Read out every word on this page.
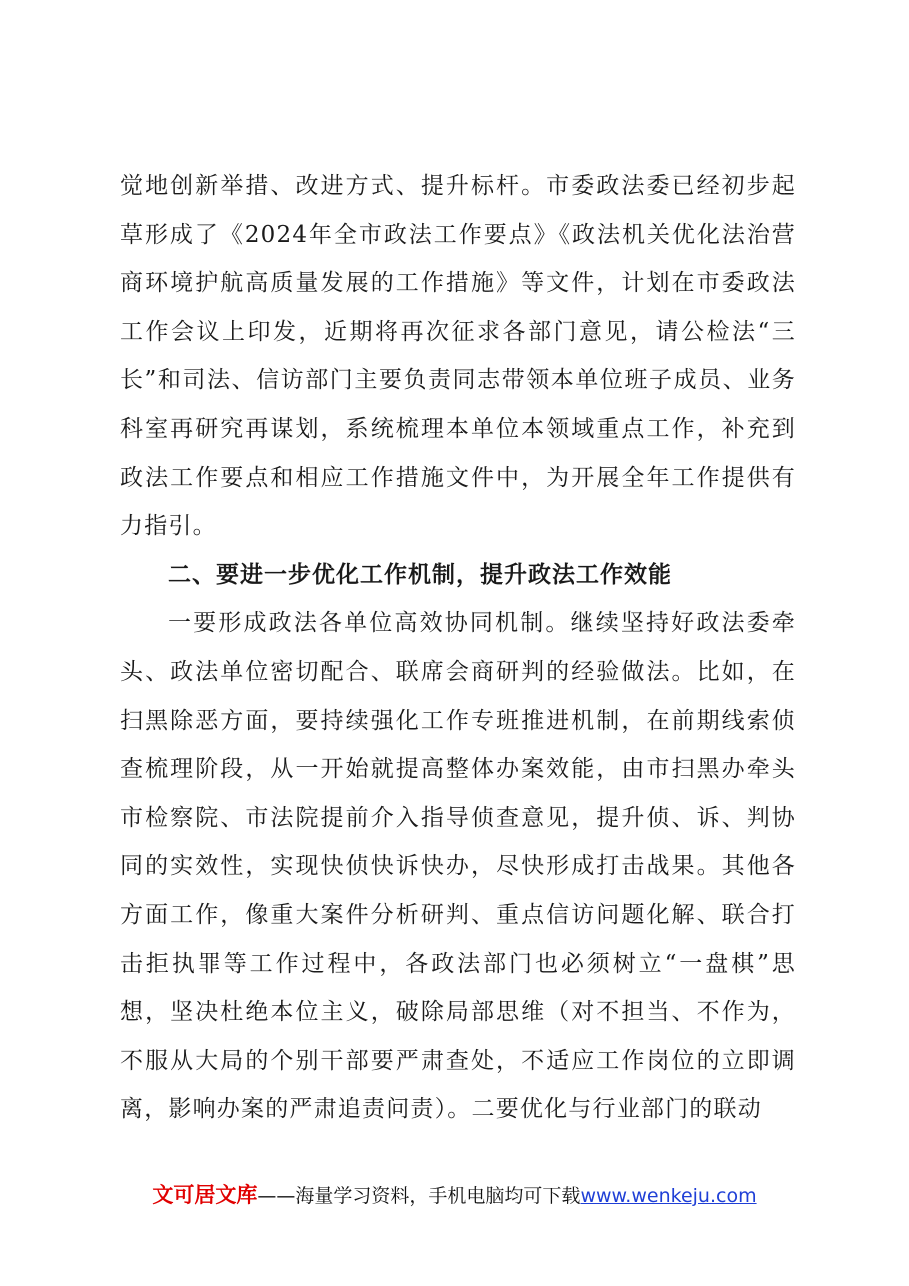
觉地创新举措、改进方式、提升标杆。市委政法委已经初步起草形成了《2024年全市政法工作要点》《政法机关优化法治营商环境护航高质量发展的工作措施》等文件，计划在市委政法工作会议上印发，近期将再次征求各部门意见，请公检法“三长”和司法、信访部门主要负责同志带领本单位班子成员、业务科室再研究再谋划，系统梳理本单位本领域重点工作，补充到政法工作要点和相应工作措施文件中，为开展全年工作提供有力指引。

二、要进一步优化工作机制，提升政法工作效能

一要形成政法各单位高效协同机制。继续坚持好政法委牵头、政法单位密切配合、联席会商研判的经验做法。比如，在扫黑除恶方面，要持续强化工作专班推进机制，在前期线索侦查梳理阶段，从一开始就提高整体办案效能，由市扫黑办牵头市检察院、市法院提前介入指导侦查意见，提升侦、诉、判协同的实效性，实现快侦快诉快办，尽快形成打击战果。其他各方面工作，像重大案件分析研判、重点信访问题化解、联合打击拒执罪等工作过程中，各政法部门也必须树立“一盘棋”思想，坚决杜绝本位主义，破除局部思维（对不担当、不作为，不服从大局的个别干部要严肃查处，不适应工作岗位的立即调离，影响办案的严肃追责问责）。二要优化与行业部门的联动

文可居文库——海量学习资料，手机电脑均可下载www.wenkeju.com
